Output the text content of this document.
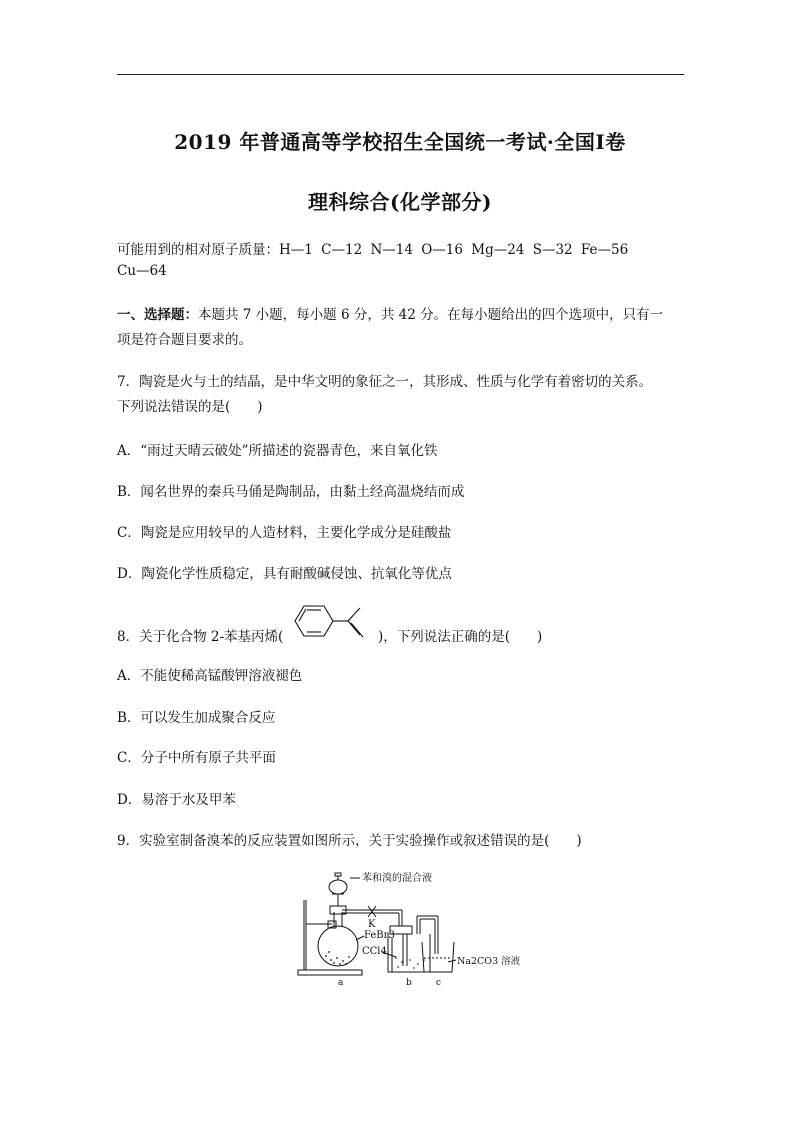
2019 年普通高等学校招生全国统一考试·全国Ⅰ卷
理科综合(化学部分)
可能用到的相对原子质量：H—1 C—12 N—14 O—16 Mg—24 S—32 Fe—56
Cu—64
一、选择题：本题共 7 小题，每小题 6 分，共 42 分。在每小题给出的四个选项中，只有一
项是符合题目要求的。
7．陶瓷是火与土的结晶，是中华文明的象征之一，其形成、性质与化学有着密切的关系。
下列说法错误的是(　　)
A．“雨过天晴云破处”所描述的瓷器青色，来自氧化铁
B．闻名世界的秦兵马俑是陶制品，由黏土经高温烧结而成
C．陶瓷是应用较早的人造材料，主要化学成分是硅酸盐
D．陶瓷化学性质稳定，具有耐酸碱侵蚀、抗氧化等优点
8．关于化合物 2-苯基丙烯(	)，下列说法正确的是(　　)
A．不能使稀高锰酸钾溶液褪色
B．可以发生加成聚合反应
C．分子中所有原子共平面
D．易溶于水及甲苯
9．实验室制备溴苯的反应装置如图所示，关于实验操作或叙述错误的是(　　)
苯和溴的混合液
K
FeBr3
CCl4
Na2CO3 溶液
a	b	c
